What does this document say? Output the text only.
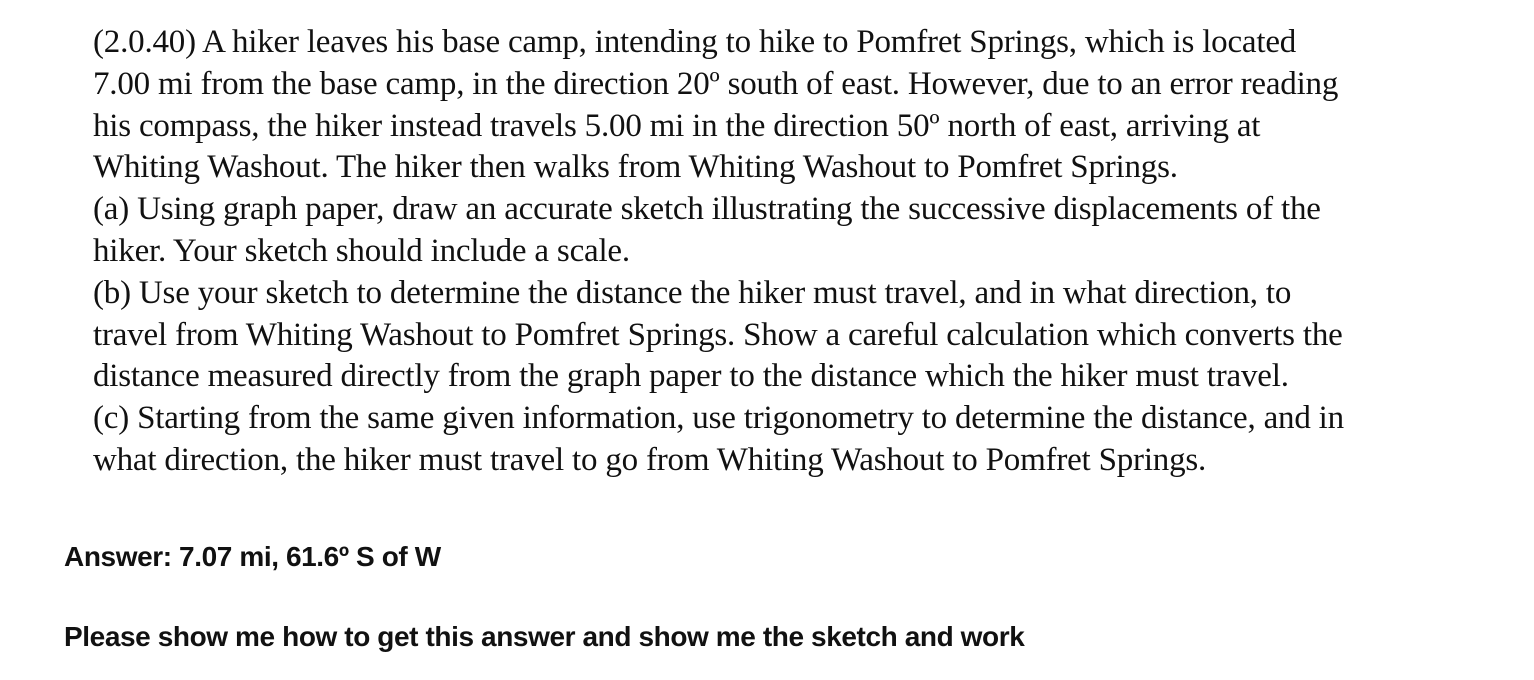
(2.0.40) A hiker leaves his base camp, intending to hike to Pomfret Springs, which is located
7.00 mi from the base camp, in the direction 20º south of east. However, due to an error reading
his compass, the hiker instead travels 5.00 mi in the direction 50º north of east, arriving at
Whiting Washout. The hiker then walks from Whiting Washout to Pomfret Springs.
(a) Using graph paper, draw an accurate sketch illustrating the successive displacements of the
hiker. Your sketch should include a scale.
(b) Use your sketch to determine the distance the hiker must travel, and in what direction, to
travel from Whiting Washout to Pomfret Springs. Show a careful calculation which converts the
distance measured directly from the graph paper to the distance which the hiker must travel.
(c) Starting from the same given information, use trigonometry to determine the distance, and in
what direction, the hiker must travel to go from Whiting Washout to Pomfret Springs.
Answer: 7.07 mi, 61.6º S of W
Please show me how to get this answer and show me the sketch and work
